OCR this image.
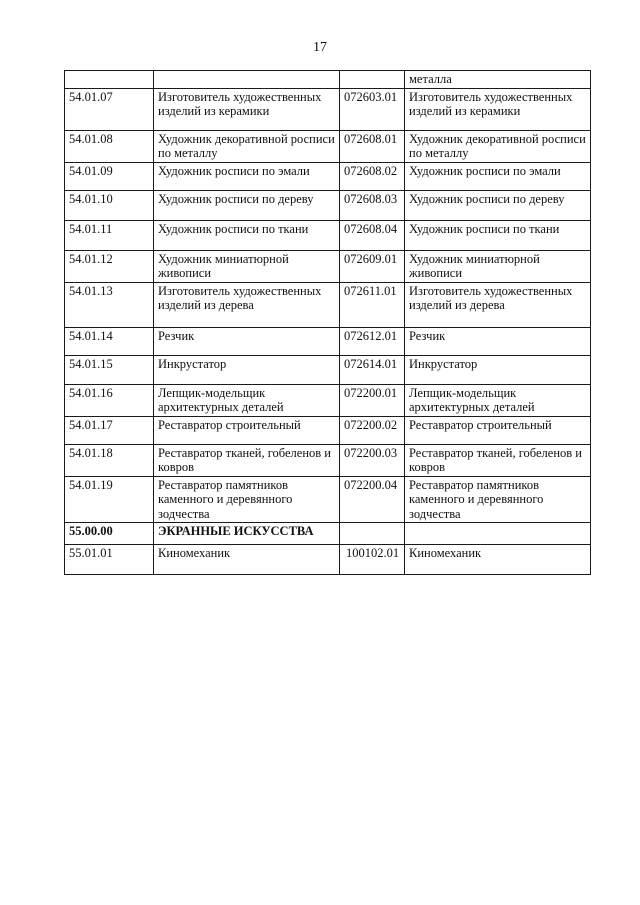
17
			металла
54.01.07	Изготовитель художественных изделий из керамики	072603.01	Изготовитель художественных изделий из керамики
54.01.08	Художник декоративной росписи по металлу	072608.01	Художник декоративной росписи по металлу
54.01.09	Художник росписи по эмали	072608.02	Художник росписи по эмали
54.01.10	Художник росписи по дереву	072608.03	Художник росписи по дереву
54.01.11	Художник росписи по ткани	072608.04	Художник росписи по ткани
54.01.12	Художник миниатюрной живописи	072609.01	Художник миниатюрной живописи
54.01.13	Изготовитель художественных изделий из дерева	072611.01	Изготовитель художественных изделий из дерева
54.01.14	Резчик	072612.01	Резчик
54.01.15	Инкрустатор	072614.01	Инкрустатор
54.01.16	Лепщик-модельщик архитектурных деталей	072200.01	Лепщик-модельщик архитектурных деталей
54.01.17	Реставратор строительный	072200.02	Реставратор строительный
54.01.18	Реставратор тканей, гобеленов и ковров	072200.03	Реставратор тканей, гобеленов и ковров
54.01.19	Реставратор памятников каменного и деревянного зодчества	072200.04	Реставратор памятников каменного и деревянного зодчества
55.00.00	ЭКРАННЫЕ ИСКУССТВА		
55.01.01	Киномеханик	100102.01	Киномеханик
